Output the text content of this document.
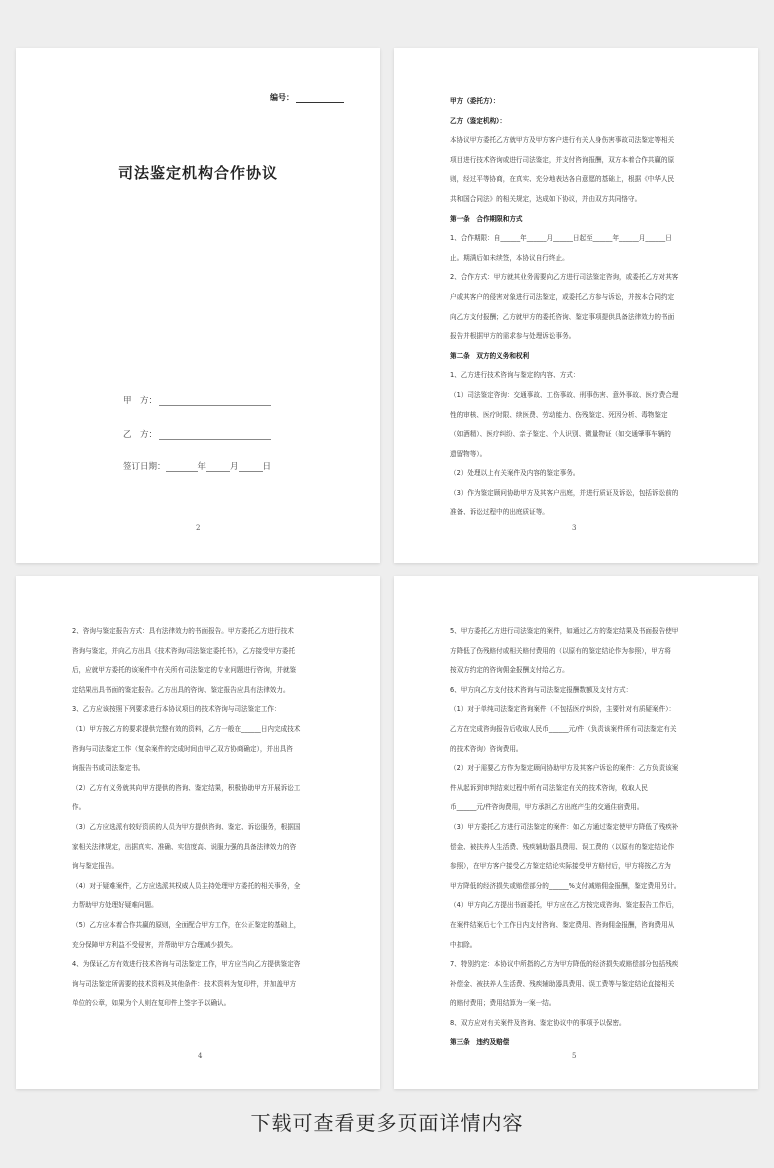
编号：
司法鉴定机构合作协议
甲　方：
乙　方：
签订日期：	年	月	日
2

甲方（委托方）：

乙方（鉴定机构）：

本协议甲方委托乙方就甲方及甲方客户进行有关人身伤害事故司法鉴定等相关

项目进行技术咨询或进行司法鉴定，并支付咨询报酬，双方本着合作共赢的原

则，经过平等协商，在真实、充分地表达各自意愿的基础上，根据《中华人民

共和国合同法》的相关规定，达成如下协议，并由双方共同恪守。

第一条　合作期限和方式

1、合作期限：自______年______月______日起至______年______月______日

止。期满后如未续签，本协议自行终止。

2、合作方式：甲方就其业务需要向乙方进行司法鉴定咨询，或委托乙方对其客

户或其客户的侵害对象进行司法鉴定，或委托乙方参与诉讼，并按本合同约定

向乙方支付报酬；乙方就甲方的委托咨询、鉴定事项提供具备法律效力的书面

报告并根据甲方的需求参与处理诉讼事务。

第二条　双方的义务和权利

1、乙方进行技术咨询与鉴定的内容、方式：

（1）司法鉴定咨询：交通事故、工伤事故、刑事伤害、意外事故、医疗费合理

性的审核、医疗时限、续医费、劳动能力、伤残鉴定、死因分析、毒物鉴定

（如酒精）、医疗纠纷、亲子鉴定、个人识别、微量物证（如交通肇事车辆的

遗留物等）。

（2）处理以上有关案件及内容的鉴定事务。

（3）作为鉴定顾问协助甲方及其客户出庭，并进行质证及诉讼，包括诉讼前的

准备、诉讼过程中的出庭质证等。

3

2、咨询与鉴定报告方式：具有法律效力的书面报告。甲方委托乙方进行技术

咨询与鉴定，并向乙方出具《技术咨询/司法鉴定委托书》，乙方接受甲方委托

后，应就甲方委托的该案件中有关所有司法鉴定的专业问题进行咨询，并就鉴

定结果出具书面的鉴定报告。乙方出具的咨询、鉴定报告应具有法律效力。

3、乙方应该按照下列要求进行本协议项目的技术咨询与司法鉴定工作：

（1）甲方按乙方的要求提供完整有效的资料，乙方一般在______日内完成技术

咨询与司法鉴定工作（复杂案件的完成时间由甲乙双方协商确定），并出具咨

询报告书或司法鉴定书。

（2）乙方有义务就其向甲方提供的咨询、鉴定结果，积极协助甲方开展诉讼工

作。

（3）乙方应选派有较好资质的人员为甲方提供咨询、鉴定、诉讼服务，根据国

家相关法律规定，出据真实、准确、实信度高、说服力强的具备法律效力的咨

询与鉴定报告。

（4）对于疑难案件，乙方应选派其权威人员主持处理甲方委托的相关事务，全

力帮助甲方处理好疑难问题。

（5）乙方应本着合作共赢的原则，全面配合甲方工作，在公正鉴定的基础上，

充分保障甲方利益不受侵害，并帮助甲方合理减少损失。

4、为保证乙方有效进行技术咨询与司法鉴定工作，甲方应当向乙方提供鉴定咨

询与司法鉴定所需要的技术资料及其他条件：技术资料为复印件，并加盖甲方

单位的公章，如果为个人则在复印件上签字予以确认。

4

5、甲方委托乙方进行司法鉴定的案件，如通过乙方的鉴定结果及书面报告使甲

方降低了伤残赔付或相关赔付费用的（以原有的鉴定结论作为参照），甲方将

按双方约定的咨询佣金报酬支付给乙方。

6、甲方向乙方支付技术咨询与司法鉴定报酬数额及支付方式：

（1）对于单纯司法鉴定咨询案件（不包括医疗纠纷，主要针对有质疑案件）：

乙方在完成咨询报告后收取人民币______元/件（负责该案件所有司法鉴定有关

的技术咨询）咨询费用。

（2）对于需要乙方作为鉴定顾问协助甲方及其客户诉讼的案件：乙方负责该案

件从起诉到审判结束过程中所有司法鉴定有关的技术咨询，收取人民

币______元/件咨询费用，甲方承担乙方出庭产生的交通住宿费用。

（3）甲方委托乙方进行司法鉴定的案件：如乙方通过鉴定使甲方降低了残疾补

偿金、被扶养人生活费、残疾辅助器具费用、误工费的（以原有的鉴定结论作

参照），在甲方客户接受乙方鉴定结论实际接受甲方赔付后，甲方将按乙方为

甲方降低的经济损失或赔偿部分的______%支付减赔佣金报酬，鉴定费用另计。

（4）甲方向乙方提出书面委托，甲方应在乙方按完成咨询、鉴定报告工作后，

在案件结案后七个工作日内支付咨询、鉴定费用、咨询佣金报酬，咨询费用从

中扣除。

7、特别约定：本协议中所指的乙方为甲方降低的经济损失或赔偿部分包括残疾

补偿金、被扶养人生活费、残疾辅助器具费用、误工费等与鉴定结论直接相关

的赔付费用；费用结算为一案一结。

8、双方应对有关案件及咨询、鉴定协议中的事项予以保密。

第三条　违约及赔偿

5
下载可查看更多页面详情内容
